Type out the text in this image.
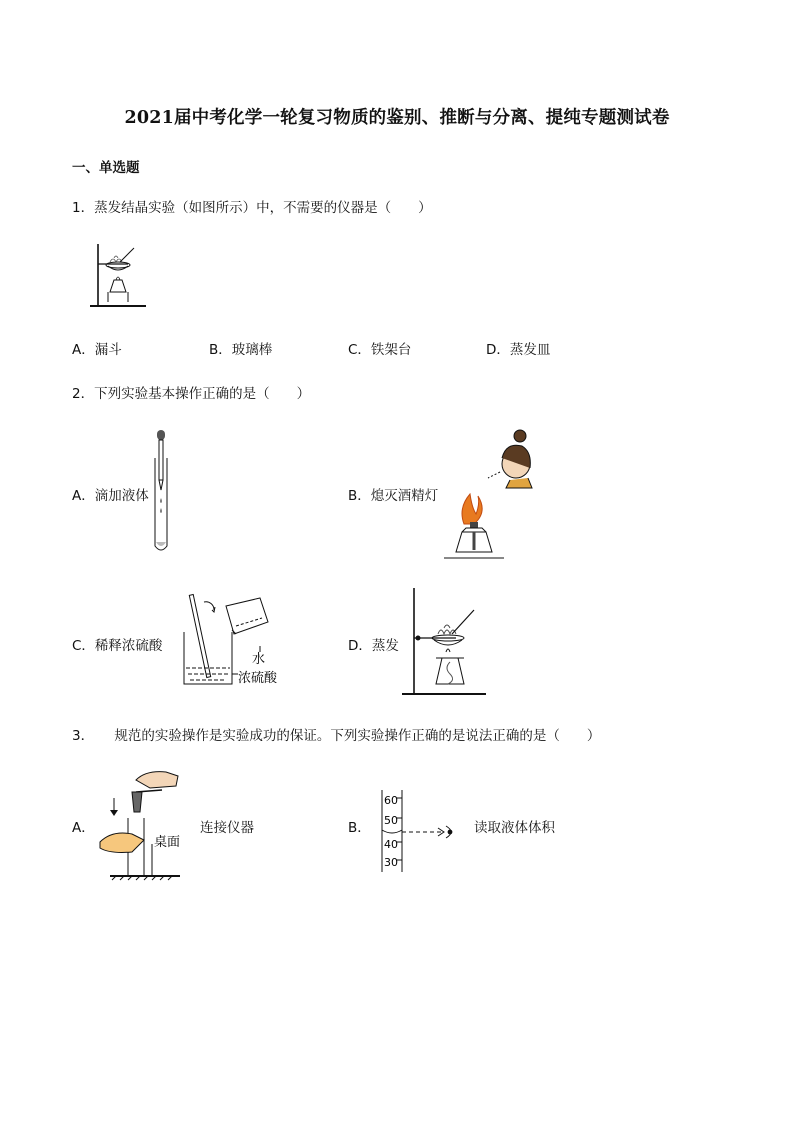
2021届中考化学一轮复习物质的鉴别、推断与分离、提纯专题测试卷
一、单选题
1．蒸发结晶实验（如图所示）中，不需要的仪器是（　　）
A．漏斗	B．玻璃棒	C．铁架台	D．蒸发皿
2．下列实验基本操作正确的是（　　）
A．滴加液体	B．熄灭酒精灯
C．稀释浓硫酸
水
浓硫酸
D．蒸发
3．　　规范的实验操作是实验成功的保证。下列实验操作正确的是说法正确的是（　　）
A．
桌面
连接仪器	B．
60
50
40
30
读取液体体积
